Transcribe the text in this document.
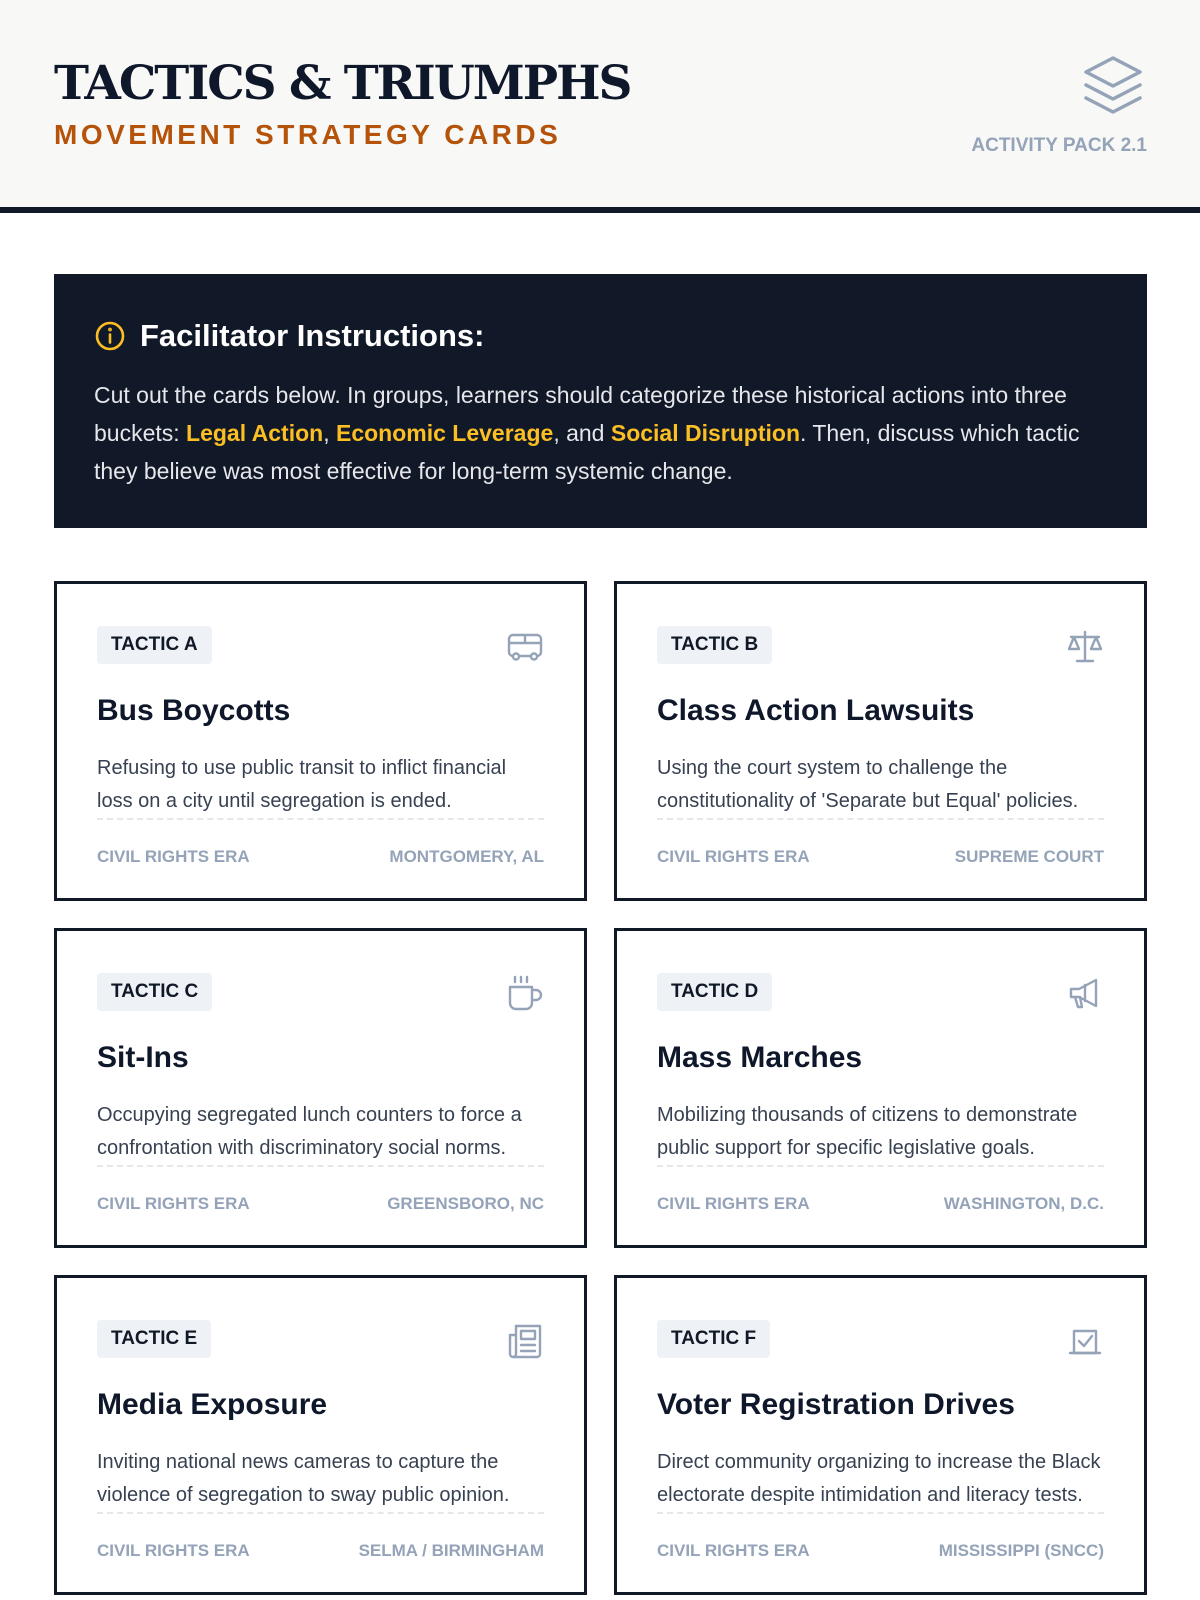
TACTICS & TRIUMPHS
MOVEMENT STRATEGY CARDS	ACTIVITY PACK 2.1
Facilitator Instructions:
Cut out the cards below. In groups, learners should categorize these historical actions into three buckets: Legal Action, Economic Leverage, and Social Disruption. Then, discuss which tactic they believe was most effective for long-term systemic change.
TACTIC A
Bus Boycotts
Refusing to use public transit to inflict financial loss on a city until segregation is ended.
CIVIL RIGHTS ERA	MONTGOMERY, AL
TACTIC B
Class Action Lawsuits
Using the court system to challenge the constitutionality of 'Separate but Equal' policies.
CIVIL RIGHTS ERA	SUPREME COURT
TACTIC C
Sit-Ins
Occupying segregated lunch counters to force a confrontation with discriminatory social norms.
CIVIL RIGHTS ERA	GREENSBORO, NC
TACTIC D
Mass Marches
Mobilizing thousands of citizens to demonstrate public support for specific legislative goals.
CIVIL RIGHTS ERA	WASHINGTON, D.C.
TACTIC E
Media Exposure
Inviting national news cameras to capture the violence of segregation to sway public opinion.
CIVIL RIGHTS ERA	SELMA / BIRMINGHAM
TACTIC F
Voter Registration Drives
Direct community organizing to increase the Black electorate despite intimidation and literacy tests.
CIVIL RIGHTS ERA	MISSISSIPPI (SNCC)
